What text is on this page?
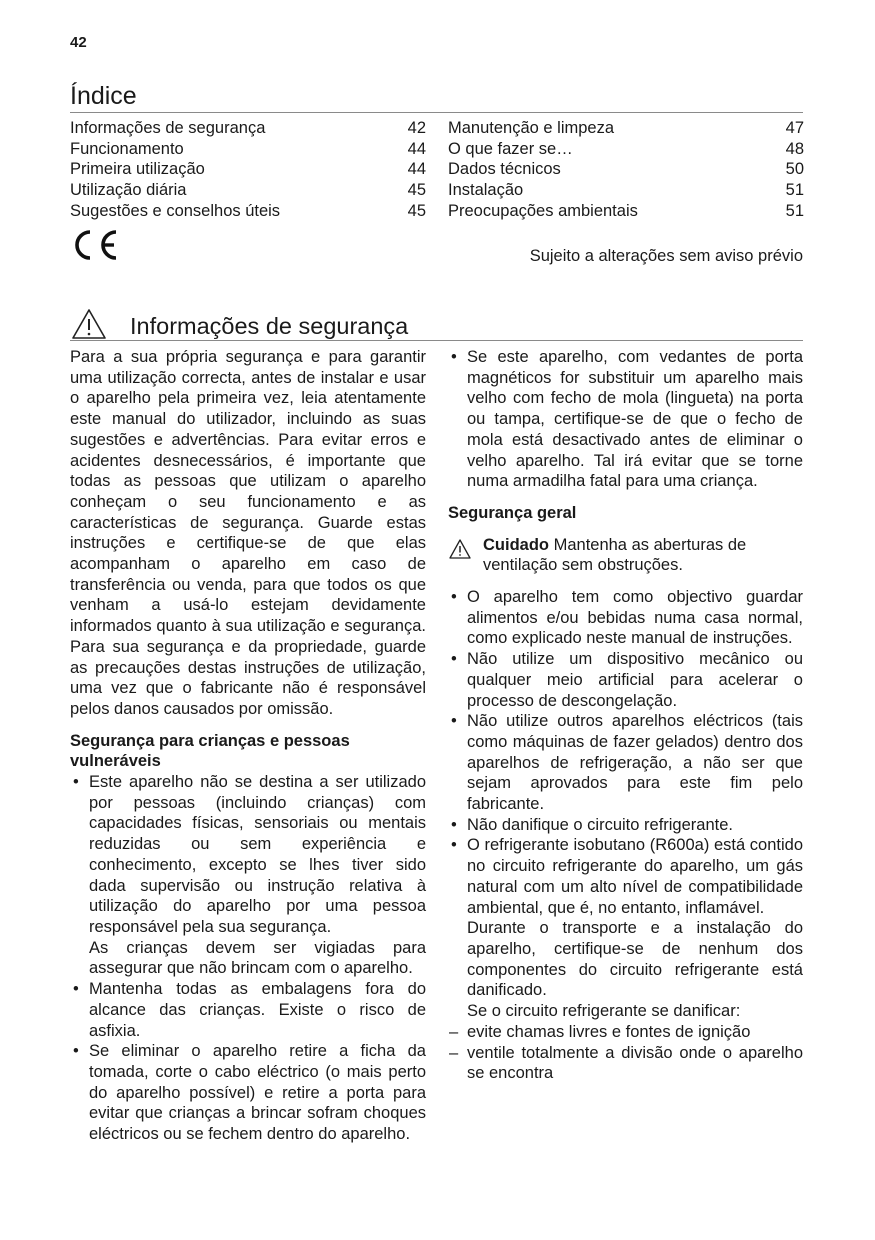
42
Índice
Informações de segurança	42
Funcionamento	44
Primeira utilização	44
Utilização diária	45
Sugestões e conselhos úteis	45
Manutenção e limpeza	47
O que fazer se…	48
Dados técnicos	50
Instalação	51
Preocupações ambientais	51
Sujeito a alterações sem aviso prévio
Informações de segurança

Para a sua própria segurança e para garantir uma utilização correcta, antes de instalar e usar o aparelho pela primeira vez, leia atentamente este manual do utilizador, incluindo as suas sugestões e advertências. Para evitar erros e acidentes desnecessários, é importante que todas as pessoas que utilizam o aparelho conheçam o seu funcionamento e as características de segurança. Guarde estas instruções e certifique-se de que elas acompanham o aparelho em caso de transferência ou venda, para que todos os que venham a usá-lo estejam devidamente informados quanto à sua utilização e segurança. Para sua segurança e da propriedade, guarde as precauções destas instruções de utilização, uma vez que o fabricante não é responsável pelos danos causados por omissão.

Segurança para crianças e pessoas vulneráveis

• Este aparelho não se destina a ser utilizado por pessoas (incluindo crianças) com capacidades físicas, sensoriais ou mentais reduzidas ou sem experiência e conhecimento, excepto se lhes tiver sido dada supervisão ou instrução relativa à utilização do aparelho por uma pessoa responsável pela sua segurança.

As crianças devem ser vigiadas para assegurar que não brincam com o aparelho.

• Mantenha todas as embalagens fora do alcance das crianças. Existe o risco de asfixia.
• Se eliminar o aparelho retire a ficha da tomada, corte o cabo eléctrico (o mais perto do aparelho possível) e retire a porta para evitar que crianças a brincar sofram choques eléctricos ou se fechem dentro do aparelho.
• Se este aparelho, com vedantes de porta magnéticos for substituir um aparelho mais velho com fecho de mola (lingueta) na porta ou tampa, certifique-se de que o fecho de mola está desactivado antes de eliminar o velho aparelho. Tal irá evitar que se torne numa armadilha fatal para uma criança.

Segurança geral

Cuidado Mantenha as aberturas de ventilação sem obstruções.

• O aparelho tem como objectivo guardar alimentos e/ou bebidas numa casa normal, como explicado neste manual de instruções.
• Não utilize um dispositivo mecânico ou qualquer meio artificial para acelerar o processo de descongelação.
• Não utilize outros aparelhos eléctricos (tais como máquinas de fazer gelados) dentro dos aparelhos de refrigeração, a não ser que sejam aprovados para este fim pelo fabricante.
• Não danifique o circuito refrigerante.

• O refrigerante isobutano (R600a) está contido no circuito refrigerante do aparelho, um gás natural com um alto nível de compatibilidade ambiental, que é, no entanto, inflamável.

Durante o transporte e a instalação do aparelho, certifique-se de nenhum dos componentes do circuito refrigerante está danificado.

Se o circuito refrigerante se danificar:

– evite chamas livres e fontes de ignição
– ventile totalmente a divisão onde o aparelho se encontra
